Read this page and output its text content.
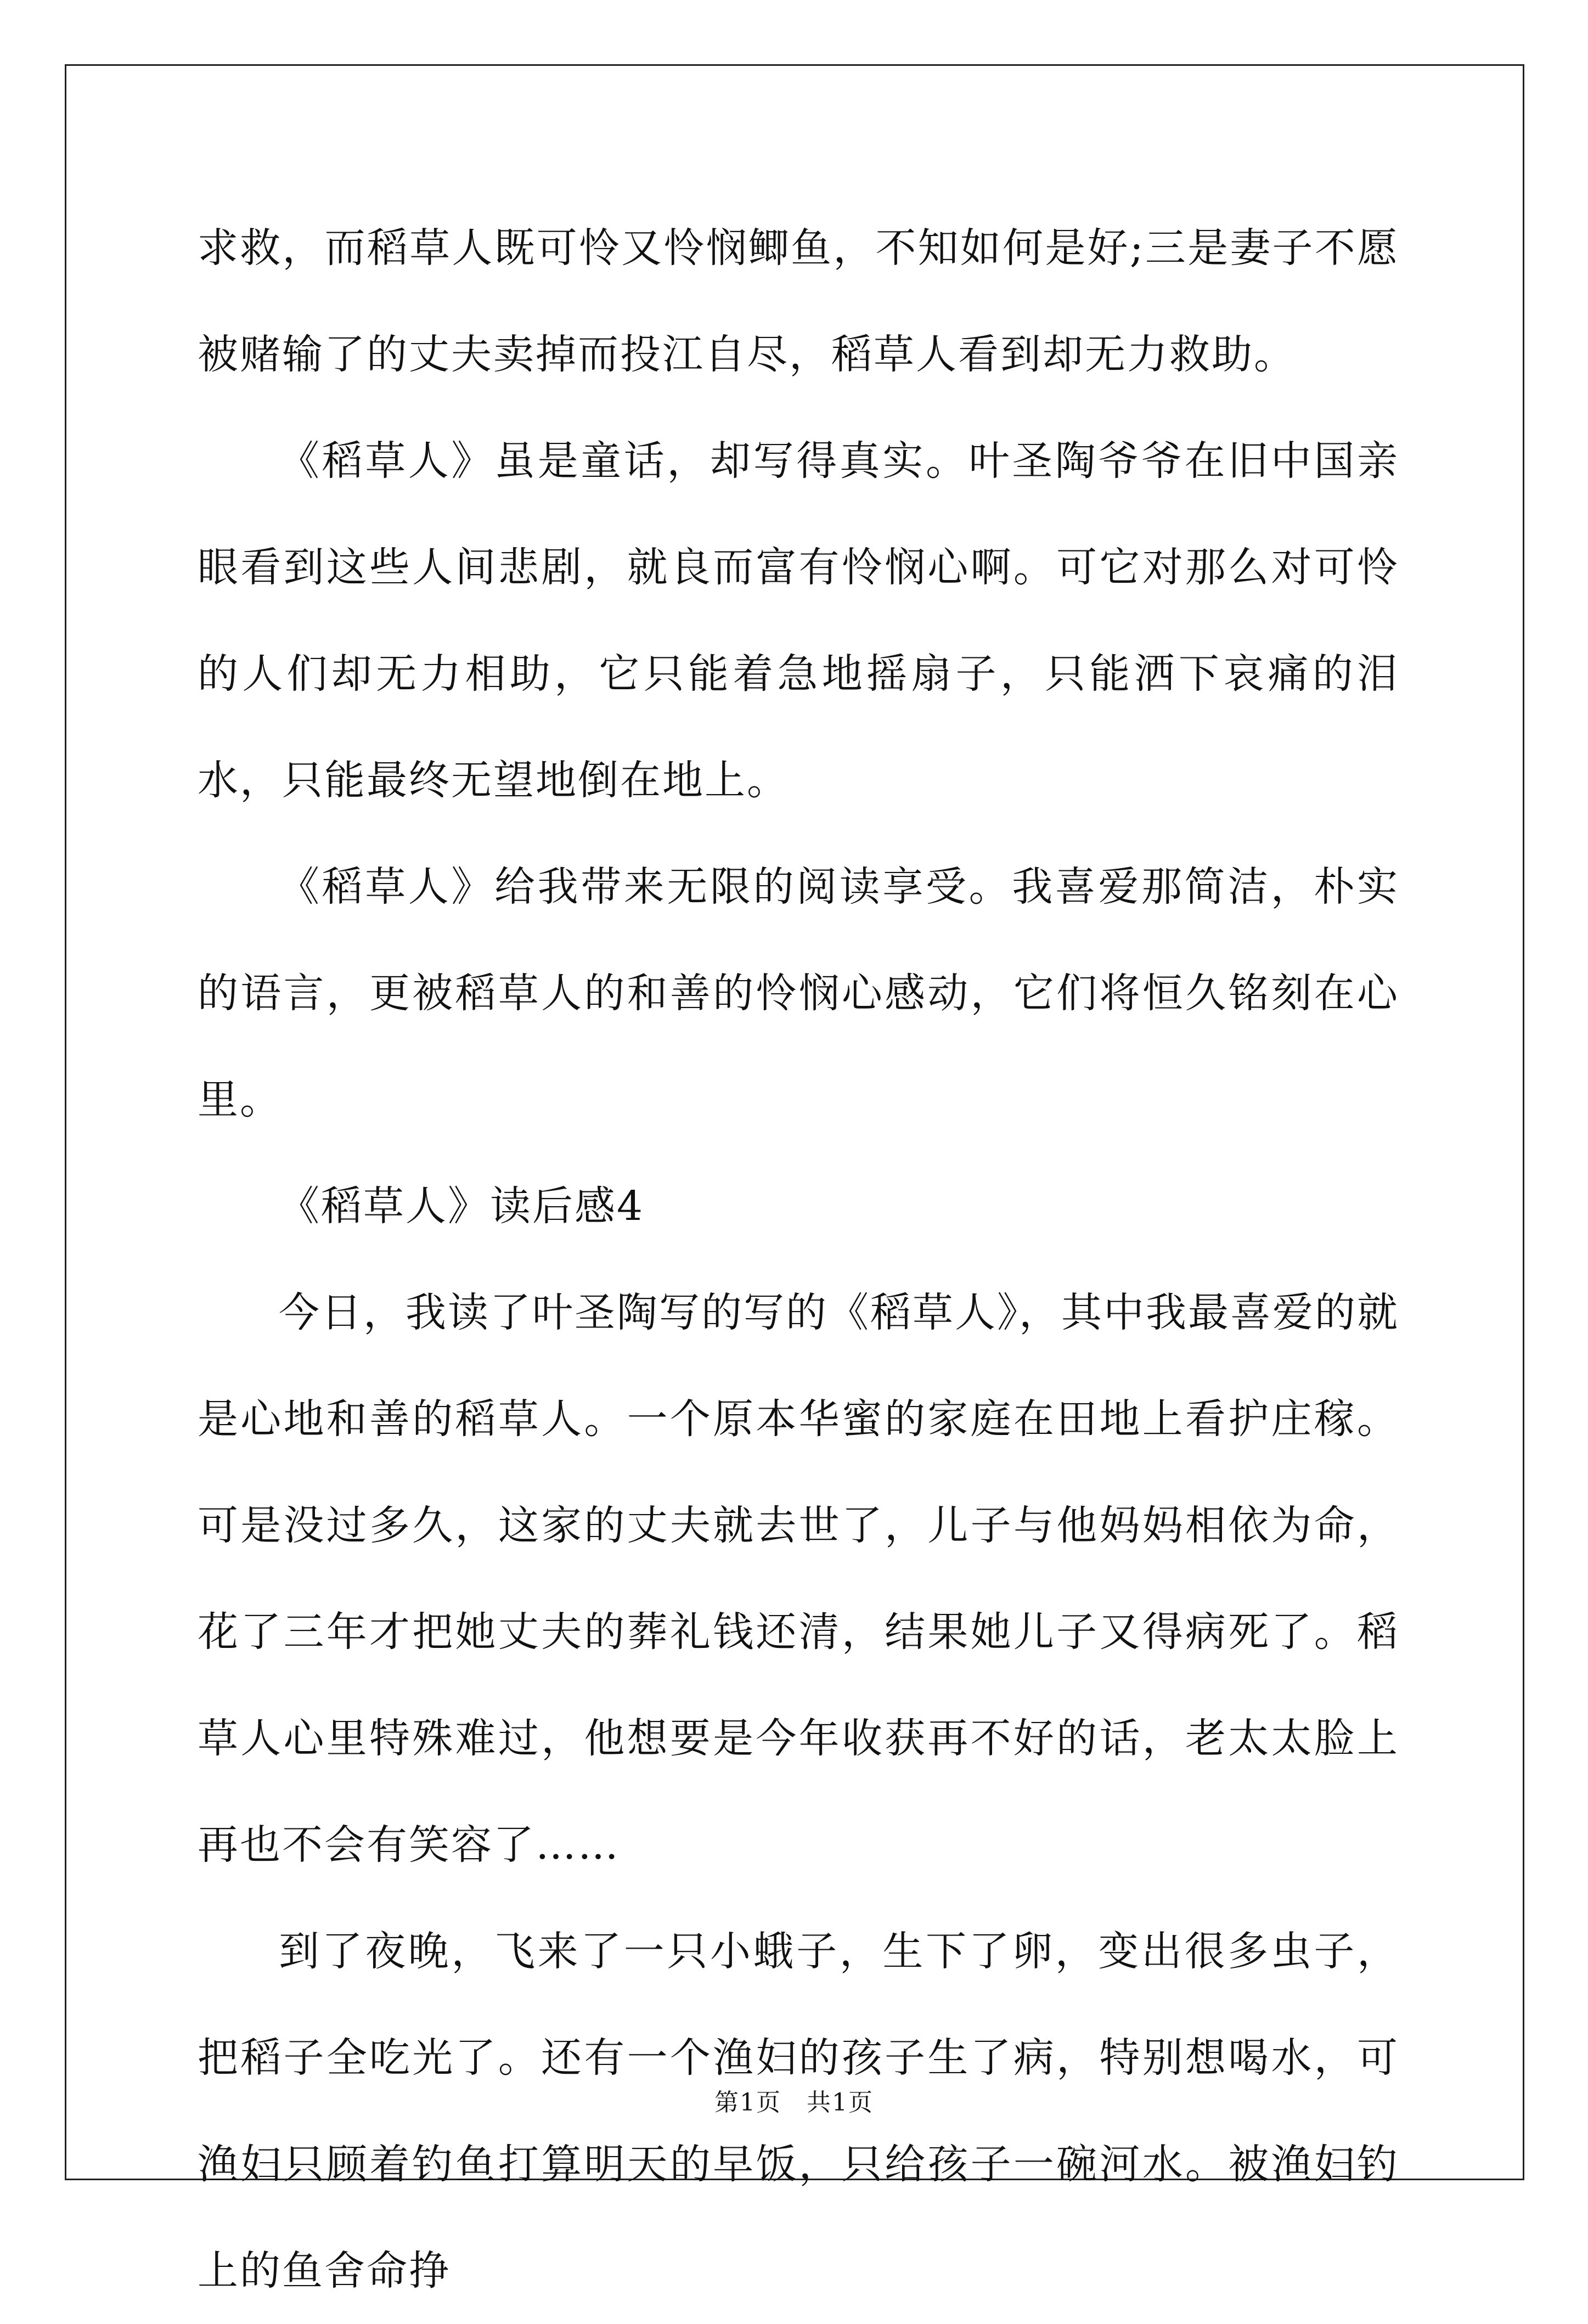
求救，而稻草人既可怜又怜悯鲫鱼，不知如何是好;三是妻子不愿被赌输了的丈夫卖掉而投江自尽，稻草人看到却无力救助。

《稻草人》虽是童话，却写得真实。叶圣陶爷爷在旧中国亲眼看到这些人间悲剧，就良而富有怜悯心啊。可它对那么对可怜的人们却无力相助，它只能着急地摇扇子，只能洒下哀痛的泪水，只能最终无望地倒在地上。

《稻草人》给我带来无限的阅读享受。我喜爱那简洁，朴实的语言，更被稻草人的和善的怜悯心感动，它们将恒久铭刻在心里。

《稻草人》读后感4

今日，我读了叶圣陶写的写的《稻草人》，其中我最喜爱的就是心地和善的稻草人。一个原本华蜜的家庭在田地上看护庄稼。可是没过多久，这家的丈夫就去世了，儿子与他妈妈相依为命，花了三年才把她丈夫的葬礼钱还清，结果她儿子又得病死了。稻草人心里特殊难过，他想要是今年收获再不好的话，老太太脸上再也不会有笑容了……

到了夜晚，飞来了一只小蛾子，生下了卵，变出很多虫子，把稻子全吃光了。还有一个渔妇的孩子生了病，特别想喝水，可渔妇只顾着钓鱼打算明天的早饭，只给孩子一碗河水。被渔妇钓上的鱼舍命挣

第1页　共1页
